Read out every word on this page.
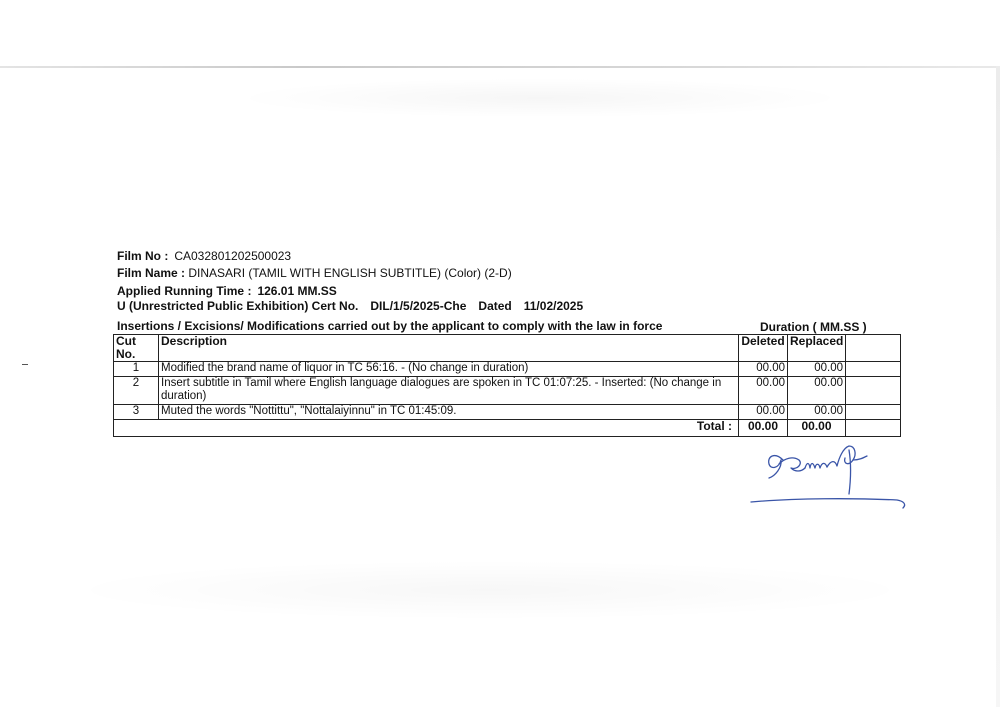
Film No : CA032801202500023
Film Name : DINASARI (TAMIL WITH ENGLISH SUBTITLE) (Color) (2-D)
Applied Running Time : 126.01 MM.SS
U (Unrestricted Public Exhibition) Cert No. DIL/1/5/2025-Che Dated 11/02/2025
Insertions / Excisions/ Modifications carried out by the applicant to comply with the law in force	Duration ( MM.SS )
Cut No.	Description	Deleted	Replaced	
1	Modified the brand name of liquor in TC 56:16. - (No change in duration)	00.00	00.00	
2	Insert subtitle in Tamil where English language dialogues are spoken in TC 01:07:25. - Inserted: (No change in duration)	00.00	00.00	
3	Muted the words "Nottittu", "Nottalaiyinnu" in TC 01:45:09.	00.00	00.00	
Total :		00.00	00.00	
